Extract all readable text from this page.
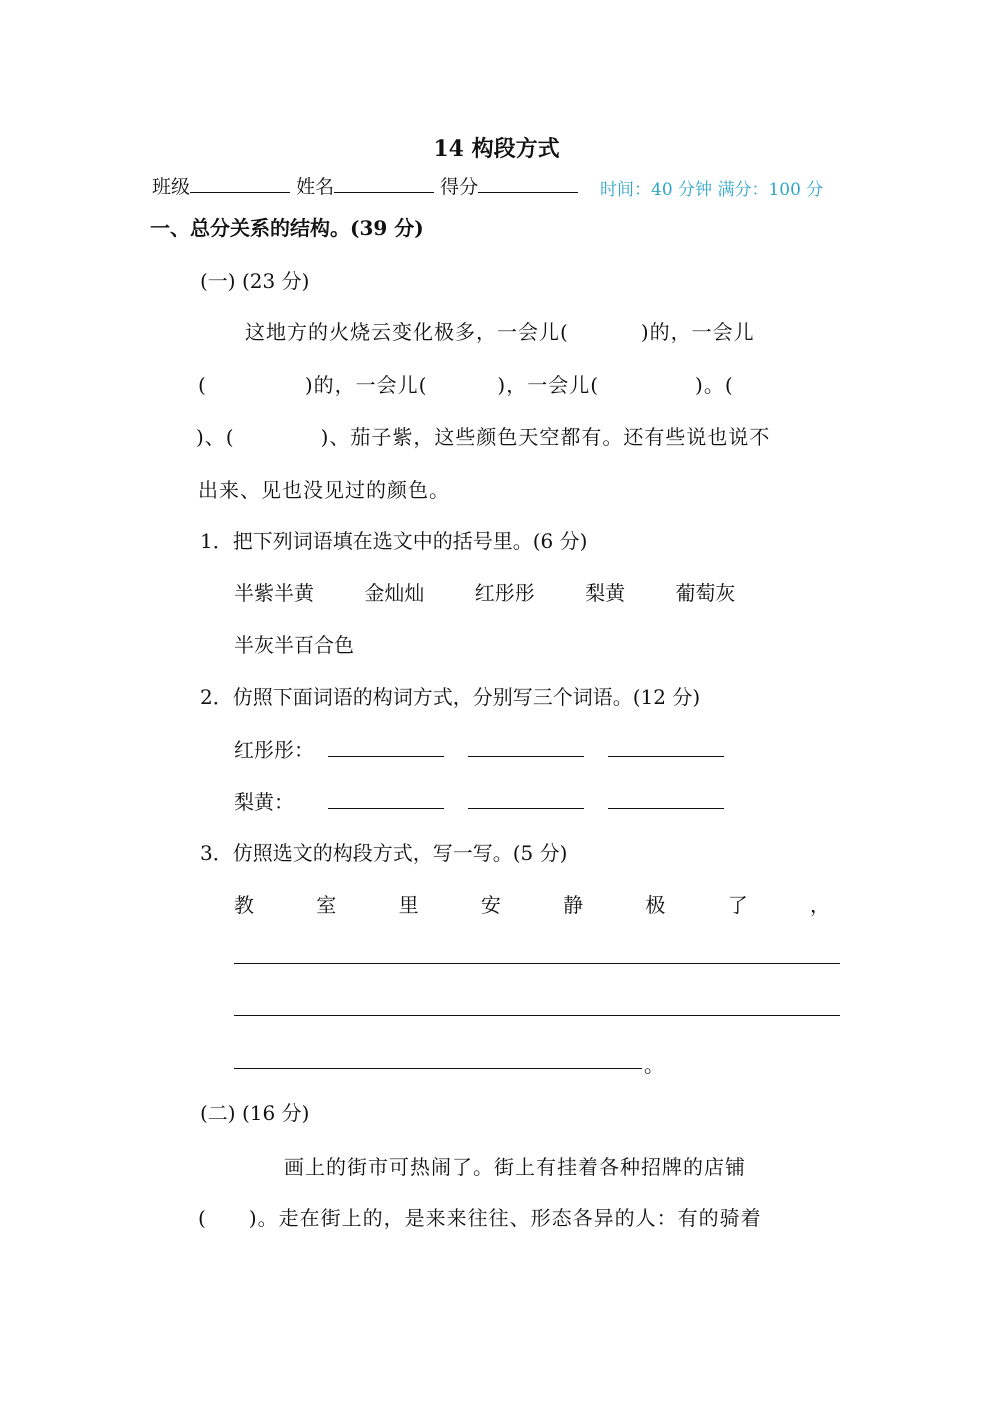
14 构段方式
班级	姓名	得分	时间：40 分钟 满分：100 分
一、总分关系的结构。(39 分)
(一) (23 分)
这地方的火烧云变化极多，一会儿(	)的，一会儿
(	)的，一会儿(	)，一会儿(	)。(
)、(	)、茄子紫，这些颜色天空都有。还有些说也说不
出来、见也没见过的颜色。
1．把下列词语填在选文中的括号里。(6 分)
半紫半黄	金灿灿	红彤彤	梨黄	葡萄灰
半灰半百合色
2．仿照下面词语的构词方式，分别写三个词语。(12 分)
红彤彤：
梨黄：
3．仿照选文的构段方式，写一写。(5 分)
教	室	里	安	静	极	了	，
。
(二) (16 分)
画上的街市可热闹了。街上有挂着各种招牌的店铺
( )。走在街上的，是来来往往、形态各异的人：有的骑着
